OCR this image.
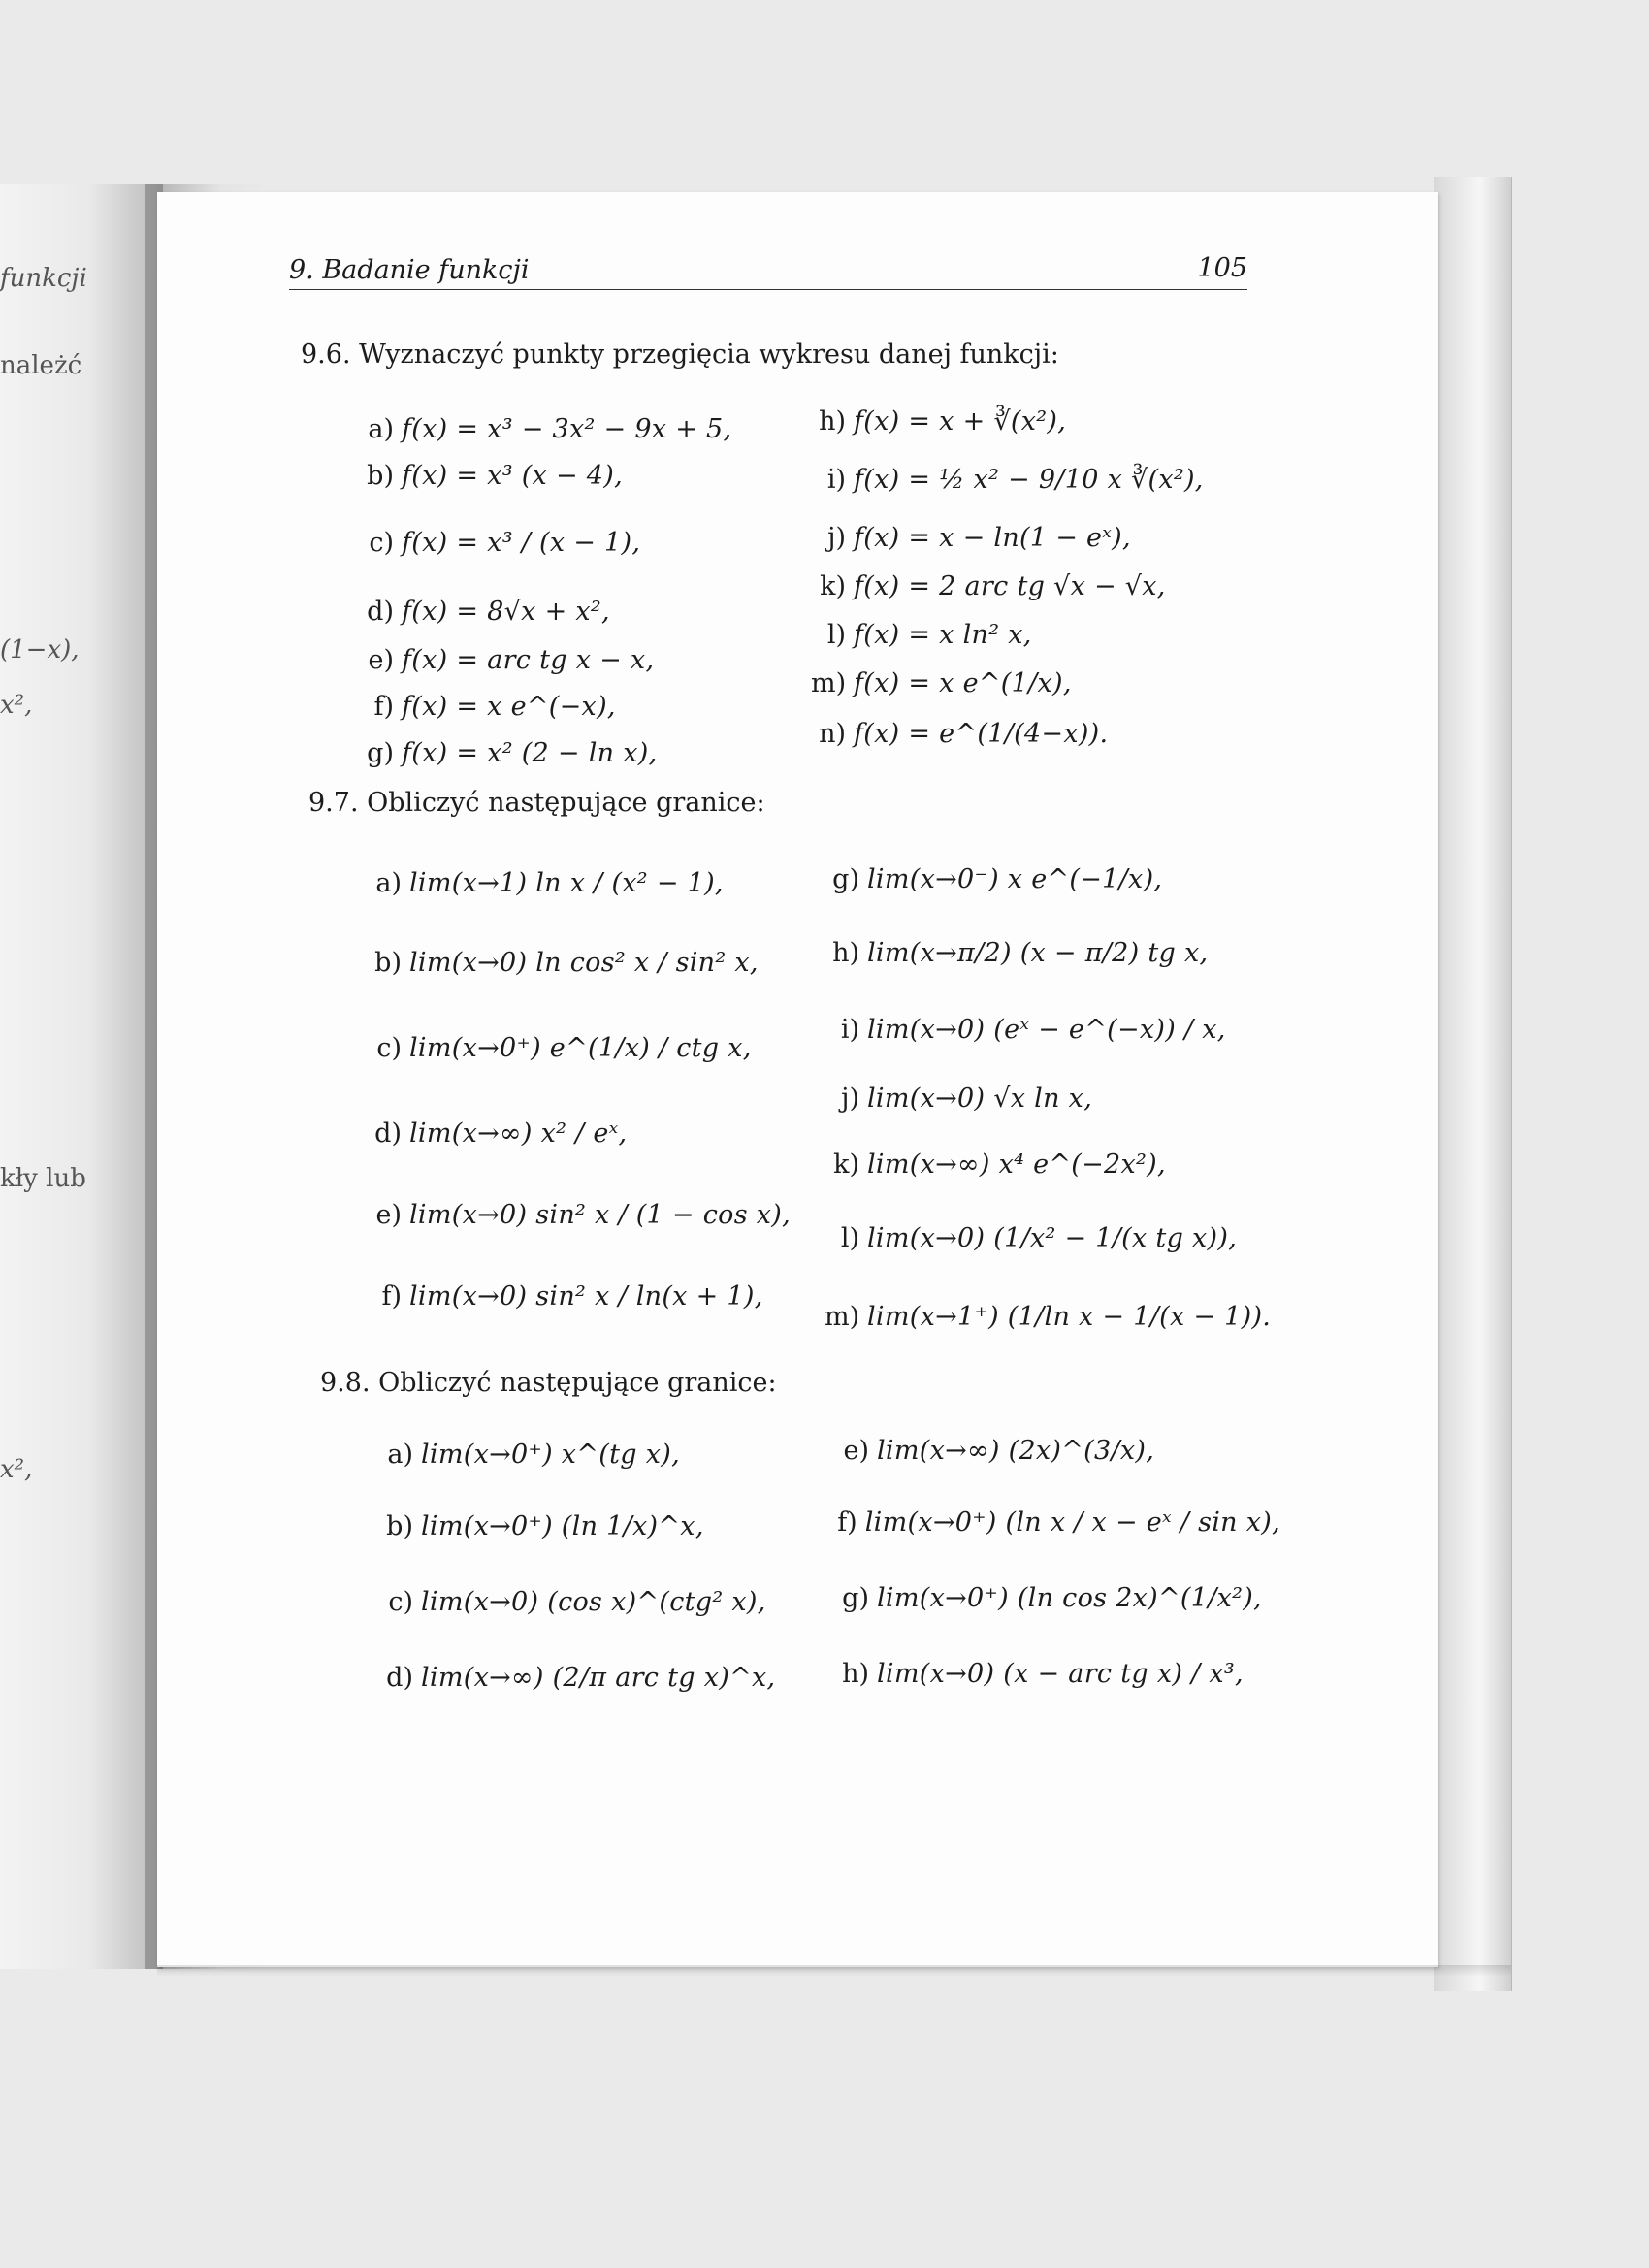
funkcji
należć
(1−x),
x²,
kły lub
x²,
9. Badanie funkcji	105
9.6. Wyznaczyć punkty przegięcia wykresu danej funkcji:
a) f(x) = x³ − 3x² − 9x + 5,
b) f(x) = x³ (x − 4),
c) f(x) = x³ / (x − 1),
d) f(x) = 8√x + x²,
e) f(x) = arc tg x − x,
f) f(x) = x e^(−x),
g) f(x) = x² (2 − ln x),
h) f(x) = x + ∛(x²),
i) f(x) = ½ x² − 9/10 x ∛(x²),
j) f(x) = x − ln(1 − eˣ),
k) f(x) = 2 arc tg √x − √x,
l) f(x) = x ln² x,
m) f(x) = x e^(1/x),
n) f(x) = e^(1/(4−x)).
9.7. Obliczyć następujące granice:
a) lim(x→1) ln x / (x² − 1),
b) lim(x→0) ln cos² x / sin² x,
c) lim(x→0⁺) e^(1/x) / ctg x,
d) lim(x→∞) x² / eˣ,
e) lim(x→0) sin² x / (1 − cos x),
f) lim(x→0) sin² x / ln(x + 1),
g) lim(x→0⁻) x e^(−1/x),
h) lim(x→π/2) (x − π/2) tg x,
i) lim(x→0) (eˣ − e^(−x)) / x,
j) lim(x→0) √x ln x,
k) lim(x→∞) x⁴ e^(−2x²),
l) lim(x→0) (1/x² − 1/(x tg x)),
m) lim(x→1⁺) (1/ln x − 1/(x − 1)).
9.8. Obliczyć następujące granice:
a) lim(x→0⁺) x^(tg x),
b) lim(x→0⁺) (ln 1/x)^x,
c) lim(x→0) (cos x)^(ctg² x),
d) lim(x→∞) (2/π arc tg x)^x,
e) lim(x→∞) (2x)^(3/x),
f) lim(x→0⁺) (ln x / x − eˣ / sin x),
g) lim(x→0⁺) (ln cos 2x)^(1/x²),
h) lim(x→0) (x − arc tg x) / x³,
